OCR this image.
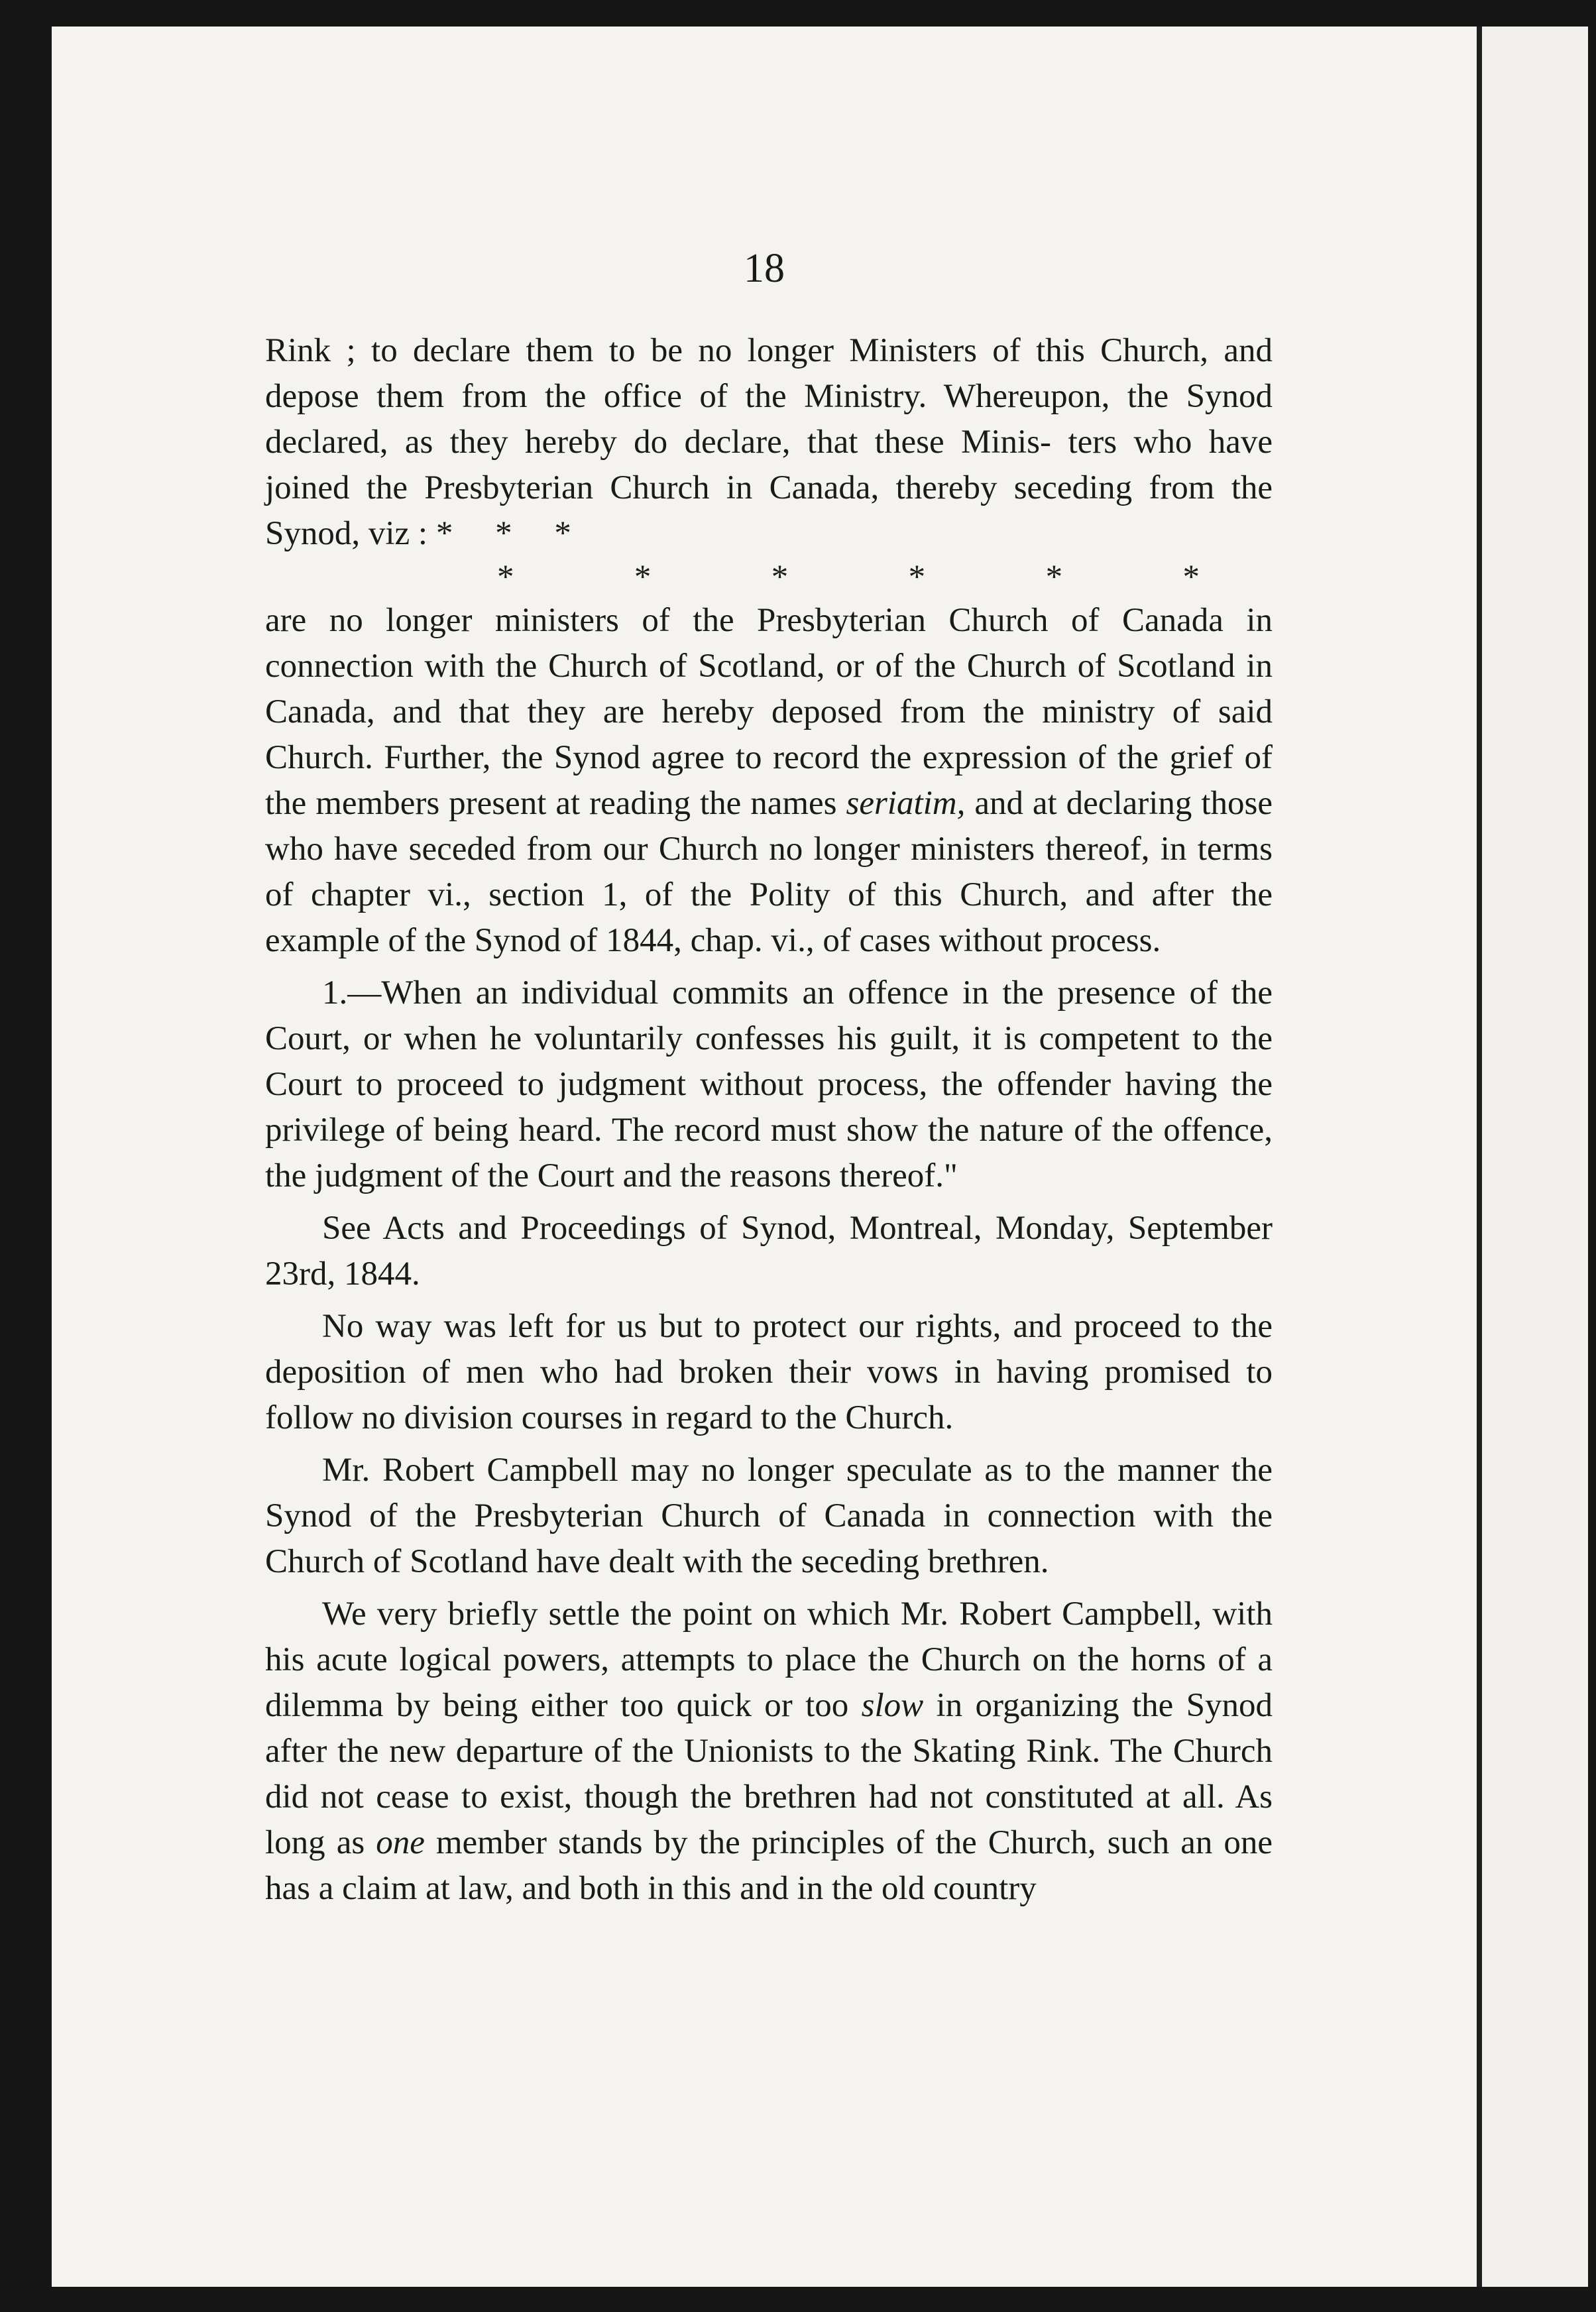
18

Rink ; to declare them to be no longer Ministers of this Church, and depose them from the office of the Ministry. Whereupon, the Synod declared, as they hereby do declare, that these Minis- ters who have joined the Presbyterian Church in Canada, thereby seceding from the Synod, viz : *     *     *

*	*	*	*	*	*

are no longer ministers of the Presbyterian Church of Canada in connection with the Church of Scotland, or of the Church of Scotland in Canada, and that they are hereby deposed from the ministry of said Church. Further, the Synod agree to record the expression of the grief of the members present at reading the names seriatim, and at declaring those who have seceded from our Church no longer ministers thereof, in terms of chapter vi., section 1, of the Polity of this Church, and after the example of the Synod of 1844, chap. vi., of cases without process.

1.—When an individual commits an offence in the presence of the Court, or when he voluntarily confesses his guilt, it is competent to the Court to proceed to judgment without process, the offender having the privilege of being heard. The record must show the nature of the offence, the judgment of the Court and the reasons thereof."

See Acts and Proceedings of Synod, Montreal, Monday, September 23rd, 1844.

No way was left for us but to protect our rights, and proceed to the deposition of men who had broken their vows in having promised to follow no division courses in regard to the Church.

Mr. Robert Campbell may no longer speculate as to the manner the Synod of the Presbyterian Church of Canada in connection with the Church of Scotland have dealt with the seceding brethren.

We very briefly settle the point on which Mr. Robert Campbell, with his acute logical powers, attempts to place the Church on the horns of a dilemma by being either too quick or too slow in organizing the Synod after the new departure of the Unionists to the Skating Rink. The Church did not cease to exist, though the brethren had not constituted at all. As long as one member stands by the principles of the Church, such an one has a claim at law, and both in this and in the old country
